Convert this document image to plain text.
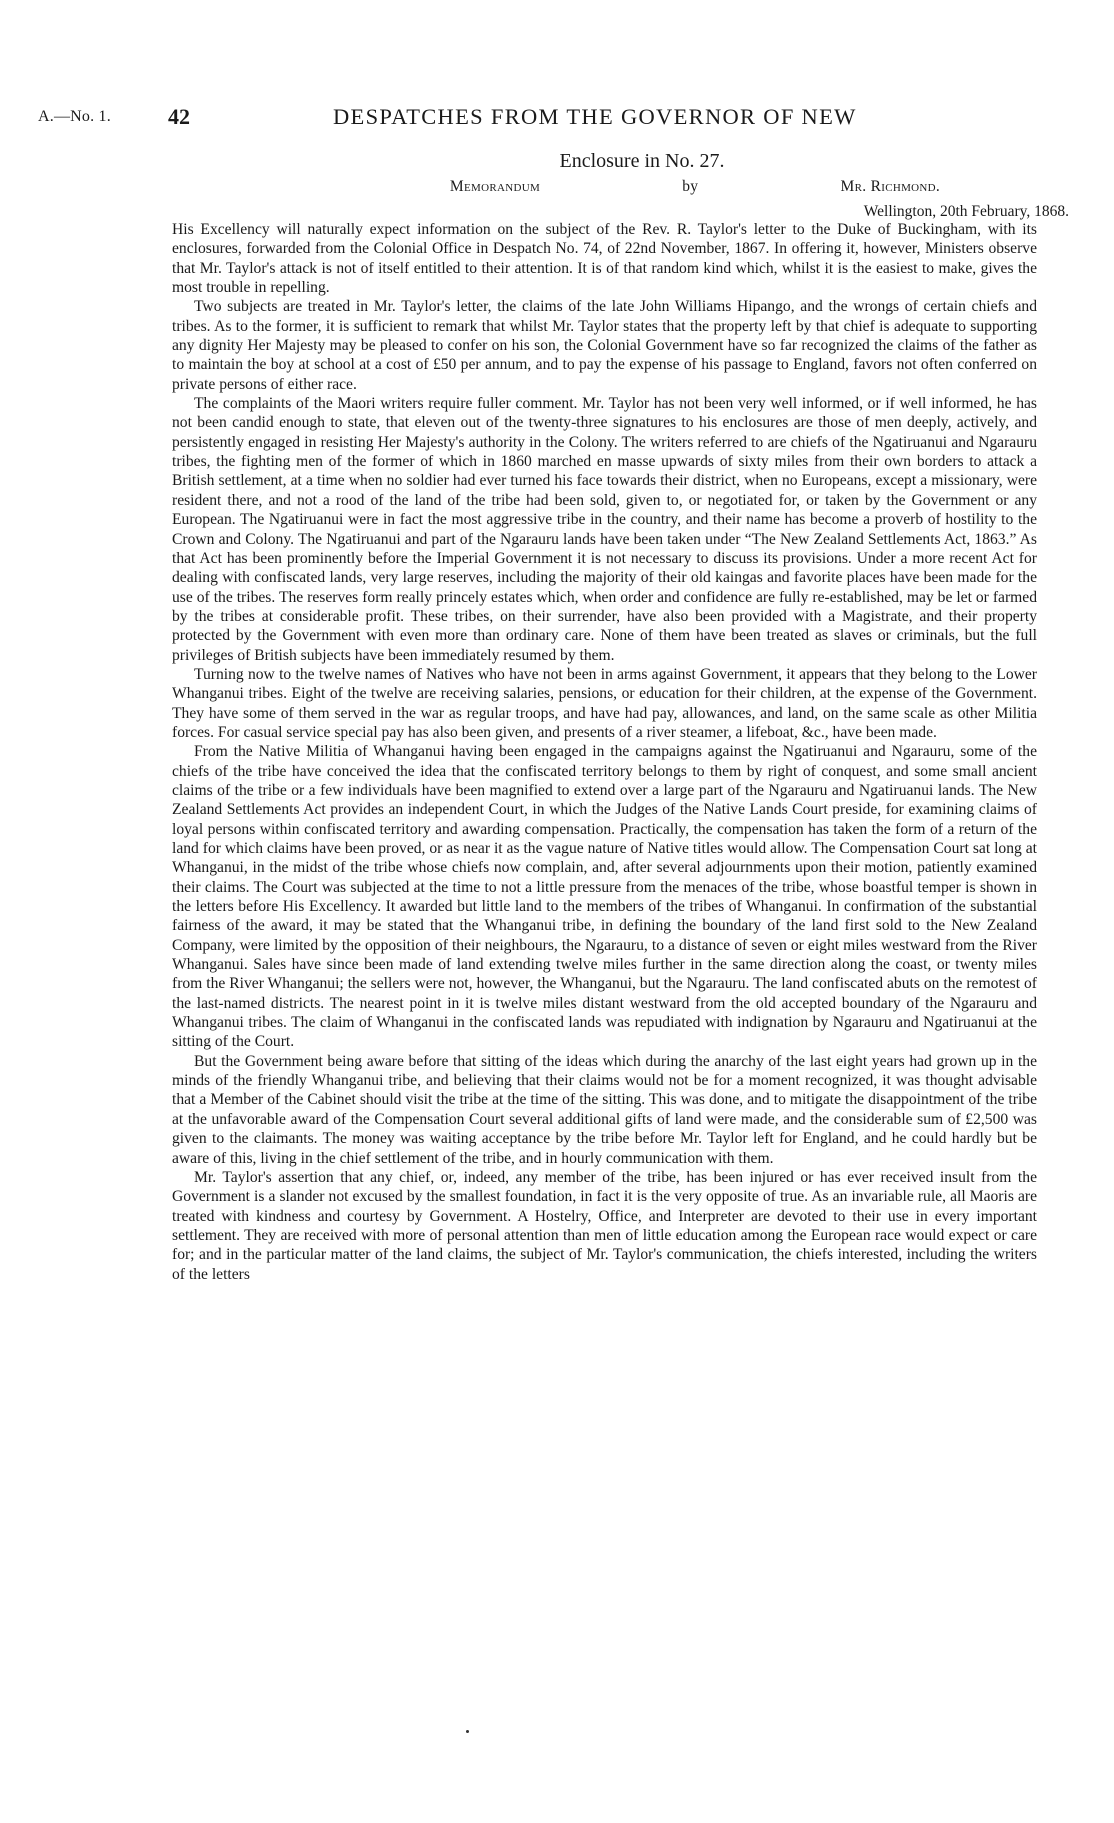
A.—No. 1.	42	DESPATCHES FROM THE GOVERNOR OF NEW
Enclosure in No. 27.
Memorandum	by	Mr. Richmond.
Wellington, 20th February, 1868.

His Excellency will naturally expect information on the subject of the Rev. R. Taylor's letter to the Duke of Buckingham, with its enclosures, forwarded from the Colonial Office in Despatch No. 74, of 22nd November, 1867. In offering it, however, Ministers observe that Mr. Taylor's attack is not of itself entitled to their attention. It is of that random kind which, whilst it is the easiest to make, gives the most trouble in repelling.

Two subjects are treated in Mr. Taylor's letter, the claims of the late John Williams Hipango, and the wrongs of certain chiefs and tribes. As to the former, it is sufficient to remark that whilst Mr. Taylor states that the property left by that chief is adequate to supporting any dignity Her Majesty may be pleased to confer on his son, the Colonial Government have so far recognized the claims of the father as to maintain the boy at school at a cost of £50 per annum, and to pay the expense of his passage to England, favors not often conferred on private persons of either race.

The complaints of the Maori writers require fuller comment. Mr. Taylor has not been very well informed, or if well informed, he has not been candid enough to state, that eleven out of the twenty-three signatures to his enclosures are those of men deeply, actively, and persistently engaged in resisting Her Majesty's authority in the Colony. The writers referred to are chiefs of the Ngatiruanui and Ngarauru tribes, the fighting men of the former of which in 1860 marched en masse upwards of sixty miles from their own borders to attack a British settlement, at a time when no soldier had ever turned his face towards their district, when no Europeans, except a missionary, were resident there, and not a rood of the land of the tribe had been sold, given to, or negotiated for, or taken by the Government or any European. The Ngatiruanui were in fact the most aggressive tribe in the country, and their name has become a proverb of hostility to the Crown and Colony. The Ngatiruanui and part of the Ngarauru lands have been taken under “The New Zealand Settlements Act, 1863.” As that Act has been prominently before the Imperial Government it is not necessary to discuss its provisions. Under a more recent Act for dealing with confiscated lands, very large reserves, including the majority of their old kaingas and favorite places have been made for the use of the tribes. The reserves form really princely estates which, when order and confidence are fully re-established, may be let or farmed by the tribes at considerable profit. These tribes, on their surrender, have also been provided with a Magistrate, and their property protected by the Government with even more than ordinary care. None of them have been treated as slaves or criminals, but the full privileges of British subjects have been immediately resumed by them.

Turning now to the twelve names of Natives who have not been in arms against Government, it appears that they belong to the Lower Whanganui tribes. Eight of the twelve are receiving salaries, pensions, or education for their children, at the expense of the Government. They have some of them served in the war as regular troops, and have had pay, allowances, and land, on the same scale as other Militia forces. For casual service special pay has also been given, and presents of a river steamer, a lifeboat, &c., have been made.

From the Native Militia of Whanganui having been engaged in the campaigns against the Ngatiruanui and Ngarauru, some of the chiefs of the tribe have conceived the idea that the confiscated territory belongs to them by right of conquest, and some small ancient claims of the tribe or a few individuals have been magnified to extend over a large part of the Ngarauru and Ngatiruanui lands. The New Zealand Settlements Act provides an independent Court, in which the Judges of the Native Lands Court preside, for examining claims of loyal persons within confiscated territory and awarding compensation. Practically, the compensation has taken the form of a return of the land for which claims have been proved, or as near it as the vague nature of Native titles would allow. The Compensation Court sat long at Whanganui, in the midst of the tribe whose chiefs now complain, and, after several adjournments upon their motion, patiently examined their claims. The Court was subjected at the time to not a little pressure from the menaces of the tribe, whose boastful temper is shown in the letters before His Excellency. It awarded but little land to the members of the tribes of Whanganui. In confirmation of the substantial fairness of the award, it may be stated that the Whanganui tribe, in defining the boundary of the land first sold to the New Zealand Company, were limited by the opposition of their neighbours, the Ngarauru, to a distance of seven or eight miles westward from the River Whanganui. Sales have since been made of land extending twelve miles further in the same direction along the coast, or twenty miles from the River Whanganui; the sellers were not, however, the Whanganui, but the Ngarauru. The land confiscated abuts on the remotest of the last-named districts. The nearest point in it is twelve miles distant westward from the old accepted boundary of the Ngarauru and Whanganui tribes. The claim of Whanganui in the confiscated lands was repudiated with indignation by Ngarauru and Ngatiruanui at the sitting of the Court.

But the Government being aware before that sitting of the ideas which during the anarchy of the last eight years had grown up in the minds of the friendly Whanganui tribe, and believing that their claims would not be for a moment recognized, it was thought advisable that a Member of the Cabinet should visit the tribe at the time of the sitting. This was done, and to mitigate the disappointment of the tribe at the unfavorable award of the Compensation Court several additional gifts of land were made, and the considerable sum of £2,500 was given to the claimants. The money was waiting acceptance by the tribe before Mr. Taylor left for England, and he could hardly but be aware of this, living in the chief settlement of the tribe, and in hourly communication with them.

Mr. Taylor's assertion that any chief, or, indeed, any member of the tribe, has been injured or has ever received insult from the Government is a slander not excused by the smallest foundation, in fact it is the very opposite of true. As an invariable rule, all Maoris are treated with kindness and courtesy by Government. A Hostelry, Office, and Interpreter are devoted to their use in every important settlement. They are received with more of personal attention than men of little education among the European race would expect or care for; and in the particular matter of the land claims, the subject of Mr. Taylor's communication, the chiefs interested, including the writers of the letters
